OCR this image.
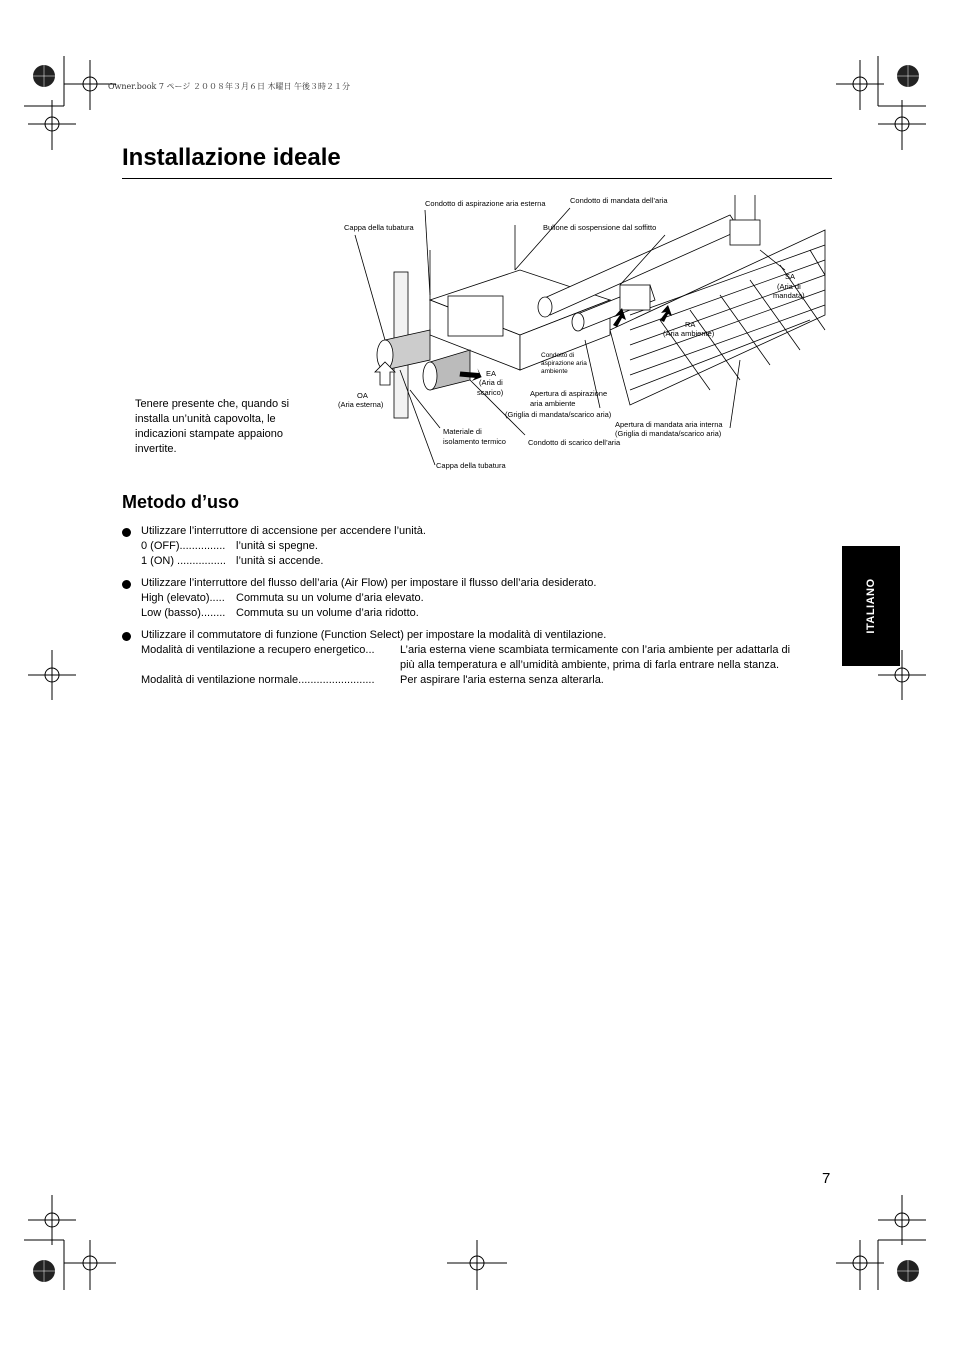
Owner.book 7 ページ ２００８年３月６日 木曜日 午後３時２１分
Installazione ideale
Condotto di aspirazione aria esterna	Condotto di mandata dell’aria
Cappa della tubatura	Bullone di sospensione dal soffitto
SA
(Aria di
mandata)
RA
(Aria ambiente)
Condotto di
aspirazione aria
ambiente
EA
(Aria di
scarico)
OA
(Aria esterna)
Apertura di aspirazione
aria ambiente
(Griglia di mandata/scarico aria)
Apertura di mandata aria interna
(Griglia di mandata/scarico aria)
Materiale di
isolamento termico	Condotto di scarico dell’aria
Cappa della tubatura
Tenere presente che, quando si installa un’unità capovolta, le indicazioni stampate appaiono invertite.
Metodo d’uso
Utilizzare l’interruttore di accensione per accendere l’unità.
0 (OFF)............... l’unità si spegne.
1 (ON) ................ l’unità si accende.
Utilizzare l’interruttore del flusso dell’aria (Air Flow) per impostare il flusso dell’aria desiderato.
High (elevato).....	Commuta su un volume d’aria elevato.
Low (basso)........ Commuta su un volume d’aria ridotto.
Utilizzare il commutatore di funzione (Function Select) per impostare la modalità di ventilazione.
Modalità di ventilazione a recupero energetico...	L’aria esterna viene scambiata termicamente con l’aria ambiente per adattarla di
più alla temperatura e all’umidità ambiente, prima di farla entrare nella stanza.
Modalità di ventilazione normale.........................	Per aspirare l'aria esterna senza alterarla.
ITALIANO
7
